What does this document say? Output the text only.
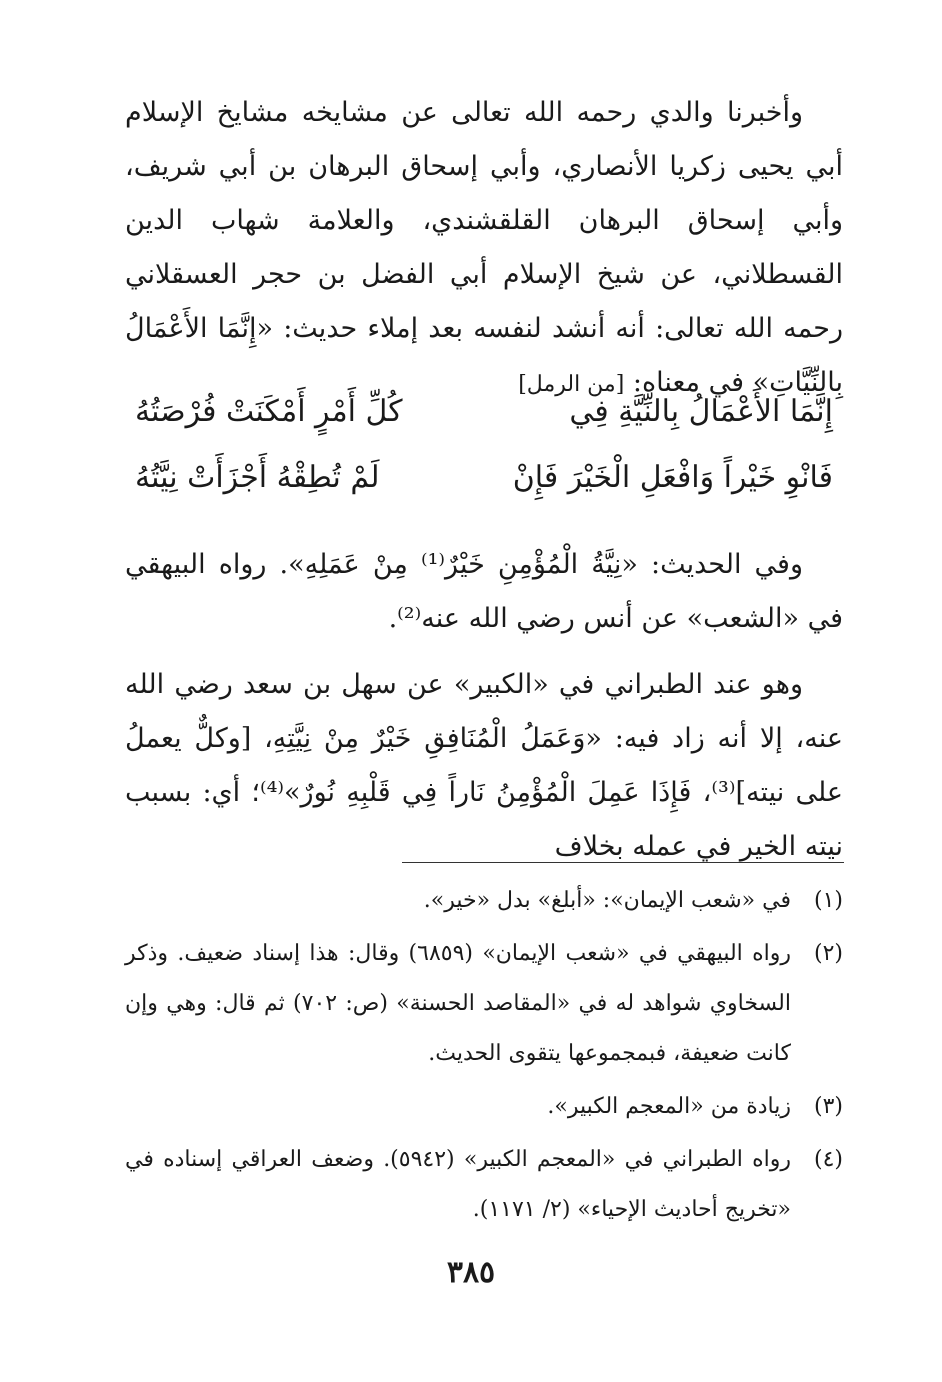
وأخبرنا والدي رحمه الله تعالى عن مشايخه مشايخ الإسلام أبي يحيى زكريا الأنصاري، وأبي إسحاق البرهان بن أبي شريف، وأبي إسحاق البرهان القلقشندي، والعلامة شهاب الدين القسطلاني، عن شيخ الإسلام أبي الفضل بن حجر العسقلاني رحمه الله تعالى: أنه أنشد لنفسه بعد إملاء حديث: «إِنَّمَا الأَعْمَالُ بِالنِّيَّاتِ» في معناه: [من الرمل]

إِنَّمَا الأَعْمَالُ بِالنِّيَّةِ فِي
كُلِّ أَمْرٍ أَمْكَنَتْ فُرْصَتُهُ
فَانْوِ خَيْراً وَافْعَلِ الْخَيْرَ فَإِنْ
لَمْ تُطِقْهُ أَجْزَأَتْ نِيَّتُهُ

وفي الحديث: «نِيَّةُ الْمُؤْمِنِ خَيْرٌ⁽¹⁾ مِنْ عَمَلِهِ». رواه البيهقي في «الشعب» عن أنس رضي الله عنه⁽²⁾.

وهو عند الطبراني في «الكبير» عن سهل بن سعد رضي الله عنه، إلا أنه زاد فيه: «وَعَمَلُ الْمُنَافِقِ خَيْرٌ مِنْ نِيَّتِهِ، [وكلٌّ يعملُ على نيته]⁽³⁾، فَإِذَا عَمِلَ الْمُؤْمِنُ نَاراً فِي قَلْبِهِ نُورٌ»⁽⁴⁾؛ أي: بسبب نيته الخير في عمله بخلاف

(١)
في «شعب الإيمان»: «أبلغ» بدل «خير».
(٢)
رواه البيهقي في «شعب الإيمان» (٦٨٥٩) وقال: هذا إسناد ضعيف. وذكر السخاوي شواهد له في «المقاصد الحسنة» (ص: ٧٠٢) ثم قال: وهي وإن كانت ضعيفة، فبمجموعها يتقوى الحديث.
(٣)
زيادة من «المعجم الكبير».
(٤)
رواه الطبراني في «المعجم الكبير» (٥٩٤٢). وضعف العراقي إسناده في «تخريج أحاديث الإحياء» (٢/ ١١٧١).
٣٨٥
